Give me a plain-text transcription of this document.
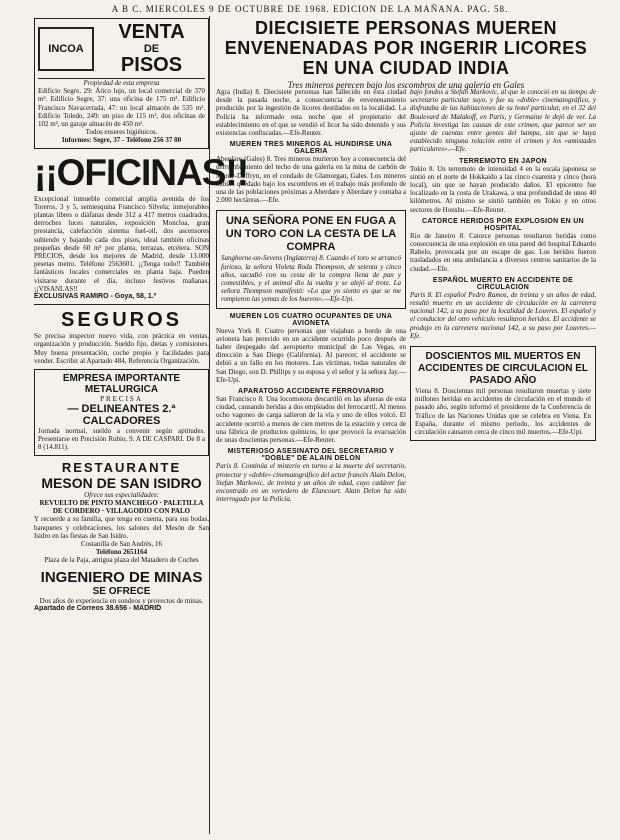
A B C. MIERCOLES 9 DE OCTUBRE DE 1968. EDICION DE LA MAÑANA. PAG. 58.
INCOA
VENTA
DE
PISOS
Propiedad de esta empresa
Edificio Segre, 29: Ático lujo, un local comercial de 370 m². Edificio Segre, 37: una oficina de 175 m². Edificio Francisco Navacerrada, 47: un local almacén de 535 m². Edificio Toledo, 249: un piso de 115 m², dos oficinas de 102 m², un garaje almacén de 450 m².
Todos enseres higiénicos.
Informes: Segre, 37 - Teléfono 256 37 00
¡¡OFICINAS!!
Excepcional inmueble comercial amplia avenida de los Toreros, 3 y 5, semiesquina Francisco Silvela; inmejorables plantas libres o diáfanas desde 312 a 417 metros cuadrados, derroches luces naturales, exposición Moncloa, gran prestancia, calefacción sistema fuel-oil, dos ascensores subiendo y bajando cada dos pisos, ideal también oficinas pequeñas desde 60 m² por planta, terrazas, etcétera. SON PRECIOS, desde los mejores de Madrid, desde 13.000 pesetas metro. Teléfono 2563601. ¡¡Tenga todo!! También fantásticos locales comerciales en planta baja. Pueden visitarse durante el día, incluso festivos mañanas. ¡¡VISANLAS!!
EXCLUSIVAS RAMIRO - Goya, 58, 1.º
SEGUROS
Se precisa inspector nuevo vida, con práctica en ventas, organización y producción. Sueldo fijo, dietas y comisiones. Muy buena presentación, coche propio y facilidades para vender. Escribir al Apartado 484, Referencia Organización.
EMPRESA IMPORTANTE
METALURGICA
PRECISA
— DELINEANTES 2.ª
CALCADORES
Jornada normal, sueldo a convenir según aptitudes. Presentarse en Precisión Rubio, 9. A DE CASPARI. De 8 a 8 (14.811).
RESTAURANTE
MESON DE SAN ISIDRO
Ofrece sus especialidades:
REVUELTO DE PINTO MANCHEGO · PALETILLA DE CORDERO · VILLAGODIO CON PALO
Y recuerde a su familia, que tenga en cuenta, para sus bodas, banquetes y celebraciones, los salones del Mesón de San Isidro en las fiestas de San Isidro.
Costanilla de San Andrés, 16
Teléfono 2651164
Plaza de la Paja, antigua plaza del Matadero de Coches
INGENIERO DE MINAS
SE OFRECE
Dos años de experiencia en sondeos y proyectos de minas.
Apartado de Correos 38.656 - MADRID
DIECISIETE PERSONAS MUEREN ENVENENADAS POR INGERIR LICORES EN UNA CIUDAD INDIA
Tres mineros perecen bajo los escombros de una galería en Gales
Agra (India) 8. Diecisiete personas han fallecido en esta ciudad desde la pasada noche, a consecuencia de envenenamiento producido por la ingestión de licores destilados en la localidad. La Policía ha informado esta noche que el propietario del establecimiento en el que se vendió el licor ha sido detenido y sus existencias confiscadas.—Efe-Reuter.
MUEREN TRES MINEROS AL HUNDIRSE UNA GALERIA
Aberdare (Gales) 8. Tres mineros murieron hoy a consecuencia del derrumbamiento del techo de una galería en la mina de carbón de Mardy-Dyffryn, en el condado de Glamorgan, Gales. Los mineros habían quedado bajo los escombros en el trabajo más profundo de una de las poblaciones próximas a Aberdare y Aberdare y contaba a 2.000 hectáreas.—Efe.
UNA SEÑORA PONE EN FUGA A UN TORO CON LA CESTA DE LA COMPRA
Sanghorne-on-Sevens (Inglaterra) 8. Cuando el toro se arrancó furioso, la señora Violeta Roda Thompson, de setenta y cinco años, sacudió con su cesta de la compra llena de pan y comestibles, y el animal dio la vuelta y se alejó al trote. La señora Thompson manifestó: «Lo que yo siento es que se me rompieron las yemas de los huevos».—Efe-Upi.
MUEREN LOS CUATRO OCUPANTES DE UNA AVIONETA
Nueva York 8. Cuatro personas que viajaban a bordo de una avioneta han perecido en un accidente ocurrido poco después de haber despegado del aeropuerto municipal de Las Vegas, en dirección a San Diego (California). Al parecer, el accidente se debió a un fallo en los motores. Las víctimas, todas naturales de San Diego, son D. Phillips y su esposa y el señor y la señora Jay.—Efe-Upi.
APARATOSO ACCIDENTE FERROVIARIO
San Francisco 8. Una locomotora descarriló en las afueras de esta ciudad, causando heridas a dos empleados del ferrocarril. Al menos ocho vagones de carga salieron de la vía y uno de ellos volcó. El accidente ocurrió a menos de cien metros de la estación y cerca de una fábrica de productos químicos, lo que provocó la evacuación de unas doscientas personas.—Efe-Reuter.
MISTERIOSO ASESINATO DEL SECRETARIO Y "DOBLE" DE ALAIN DELON
París 8. Continúa el misterio en torno a la muerte del secretario, protector y «doble» cinematográfico del actor francés Alain Delon, Stefan Markovic, de treinta y un años de edad, cuyo cadáver fue encontrado en un vertedero de Elancourt. Alain Delon ha sido interrogado por la Policía.
bajo fondos a Stefan Markovic, al que le conoció en su tiempo de secretario particular suyo, y fue su «doble» cinematográfico, y disfrutaba de las habitaciones de su hotel particular, en el 32 del Boulevard de Malakoff, en París, y Germaine le dejó de ver. La Policía investiga las causas de este crimen, que parece ser un ajuste de cuentas entre gentes del hampa, sin que se haya establecido ninguna relación entre el crimen y los «amistades particulares».—Efe.
TERREMOTO EN JAPON
Tokio 8. Un terremoto de intensidad 4 en la escala japonesa se sintió en el norte de Hokkaido a las cinco cuarenta y cinco (hora local), sin que se hayan producido daños. El epicentro fue localizado en la costa de Urakawa, a una profundidad de unos 40 kilómetros. Al mismo se sintió también en Tokio y en otros sectores de Honshu.—Efe-Reuter.
CATORCE HERIDOS POR EXPLOSION EN UN HOSPITAL
Rio de Janeiro 8. Catorce personas resultaron heridas como consecuencia de una explosión en una pared del hospital Eduardo Rabelo, provocada por un escape de gas. Los heridos fueron trasladados en una ambulancia a diversos centros sanitarios de la ciudad.—Efe.
ESPAÑOL MUERTO EN ACCIDENTE DE CIRCULACION
París 8. El español Pedro Ramos, de treinta y un años de edad, resultó muerto en un accidente de circulación en la carretera nacional 142, a su paso por la localidad de Louvres. El español y el conductor del otro vehículo resultaron heridos. El accidente se produjo en la carretera nacional 142, a su paso por Louvres.—Efe.
DOSCIENTOS MIL MUERTOS EN ACCIDENTES DE CIRCULACION EL PASADO AÑO
Viena 8. Doscientas mil personas resultaron muertas y siete millones heridas en accidentes de circulación en el mundo el pasado año, según informó el presidente de la Conferencia de Tráfico de las Naciones Unidas que se celebra en Viena. En España, durante el mismo período, los accidentes de circulación causaron cerca de cinco mil muertos.—Efe-Upi.
